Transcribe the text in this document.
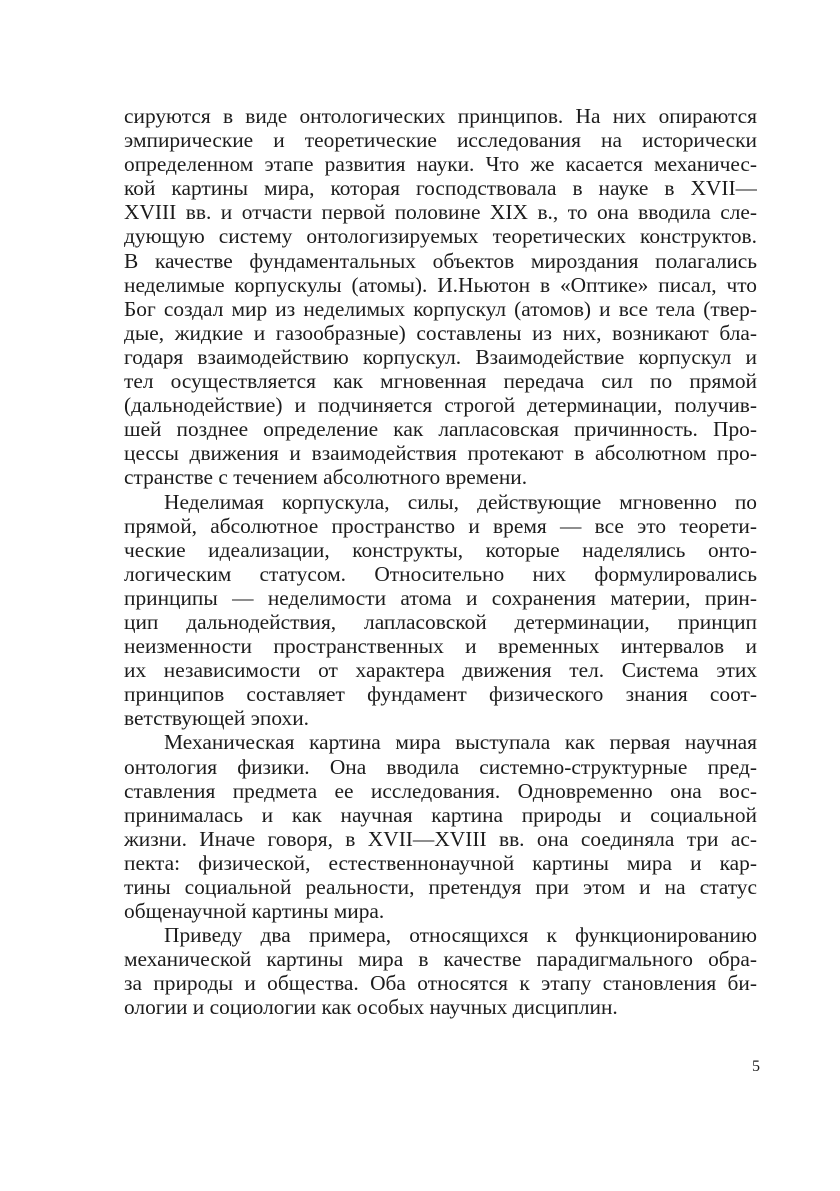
сируются в виде онтологических принципов. На них опираются
эмпирические и теоретические исследования на исторически
определенном этапе развития науки. Что же касается механичес-
кой картины мира, которая господствовала в науке в XVII—
XVIII вв. и отчасти первой половине XIX в., то она вводила сле-
дующую систему онтологизируемых теоретических конструктов.
В качестве фундаментальных объектов мироздания полагались
неделимые корпускулы (атомы). И.Ньютон в «Оптике» писал, что
Бог создал мир из неделимых корпускул (атомов) и все тела (твер-
дые, жидкие и газообразные) составлены из них, возникают бла-
годаря взаимодействию корпускул. Взаимодействие корпускул и
тел осуществляется как мгновенная передача сил по прямой
(дальнодействие) и подчиняется строгой детерминации, получив-
шей позднее определение как лапласовская причинность. Про-
цессы движения и взаимодействия протекают в абсолютном про-
странстве с течением абсолютного времени.
Неделимая корпускула, силы, действующие мгновенно по
прямой, абсолютное пространство и время — все это теорети-
ческие идеализации, конструкты, которые наделялись онто-
логическим статусом. Относительно них формулировались
принципы — неделимости атома и сохранения материи, прин-
цип дальнодействия, лапласовской детерминации, принцип
неизменности пространственных и временных интервалов и
их независимости от характера движения тел. Система этих
принципов составляет фундамент физического знания соот-
ветствующей эпохи.
Механическая картина мира выступала как первая научная
онтология физики. Она вводила системно-структурные пред-
ставления предмета ее исследования. Одновременно она вос-
принималась и как научная картина природы и социальной
жизни. Иначе говоря, в XVII—XVIII вв. она соединяла три ас-
пекта: физической, естественнонаучной картины мира и кар-
тины социальной реальности, претендуя при этом и на статус
общенаучной картины мира.
Приведу два примера, относящихся к функционированию
механической картины мира в качестве парадигмального обра-
за природы и общества. Оба относятся к этапу становления би-
ологии и социологии как особых научных дисциплин.
5
